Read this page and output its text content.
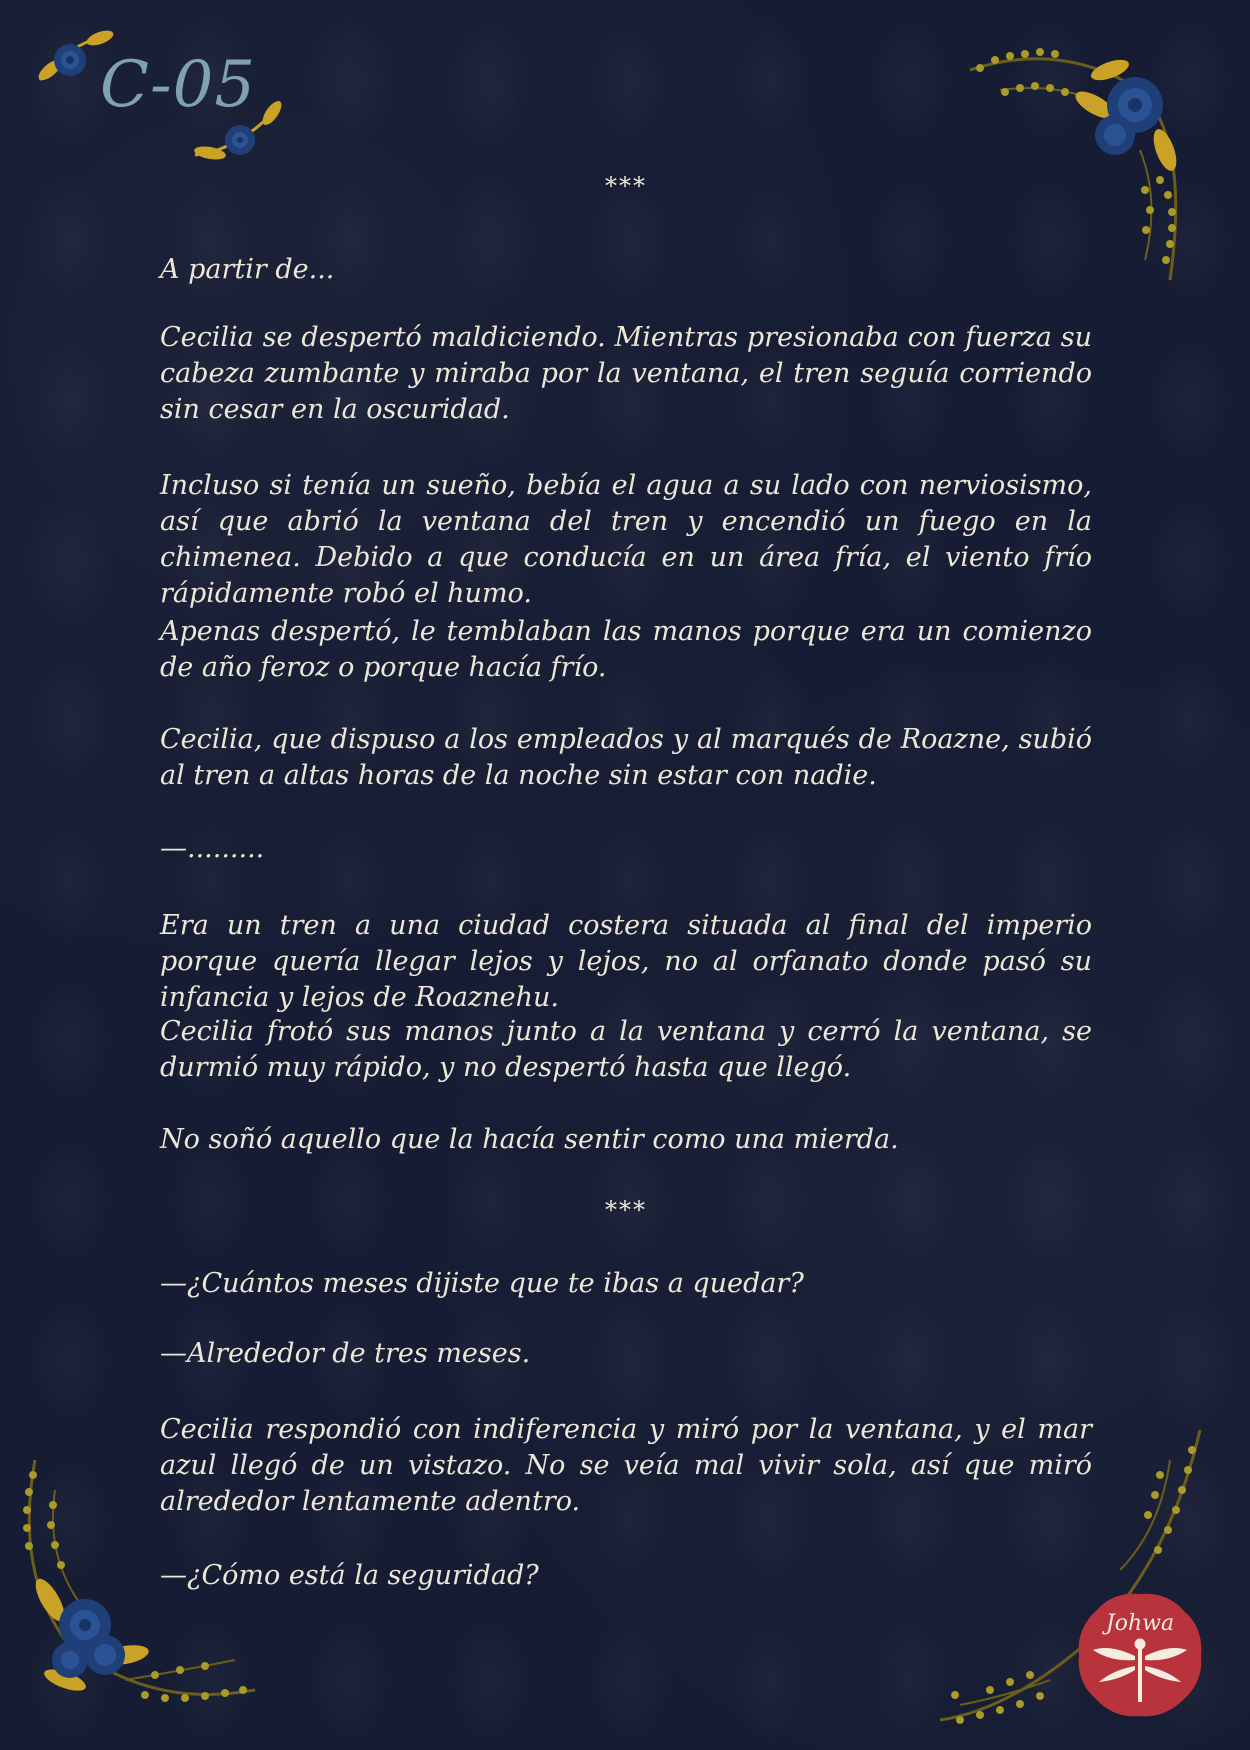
C-05
***

A partir de...

Cecilia se despertó maldiciendo. Mientras presionaba con fuerza su cabeza zumbante y miraba por la ventana, el tren seguía corriendo sin cesar en la oscuridad.

Incluso si tenía un sueño, bebía el agua a su lado con nerviosismo, así que abrió la ventana del tren y encendió un fuego en la chimenea. Debido a que conducía en un área fría, el viento frío rápidamente robó el humo.

Apenas despertó, le temblaban las manos porque era un comienzo de año feroz o porque hacía frío.

Cecilia, que dispuso a los empleados y al marqués de Roazne, subió al tren a altas horas de la noche sin estar con nadie.

—.........

Era un tren a una ciudad costera situada al final del imperio porque quería llegar lejos y lejos, no al orfanato donde pasó su infancia y lejos de Roaznehu.

Cecilia frotó sus manos junto a la ventana y cerró la ventana, se durmió muy rápido, y no despertó hasta que llegó.

No soñó aquello que la hacía sentir como una mierda.

***

—¿Cuántos meses dijiste que te ibas a quedar?

—Alrededor de tres meses.

Cecilia respondió con indiferencia y miró por la ventana, y el mar azul llegó de un vistazo. No se veía mal vivir sola, así que miró alrededor lentamente adentro.

—¿Cómo está la seguridad?

Johwa
